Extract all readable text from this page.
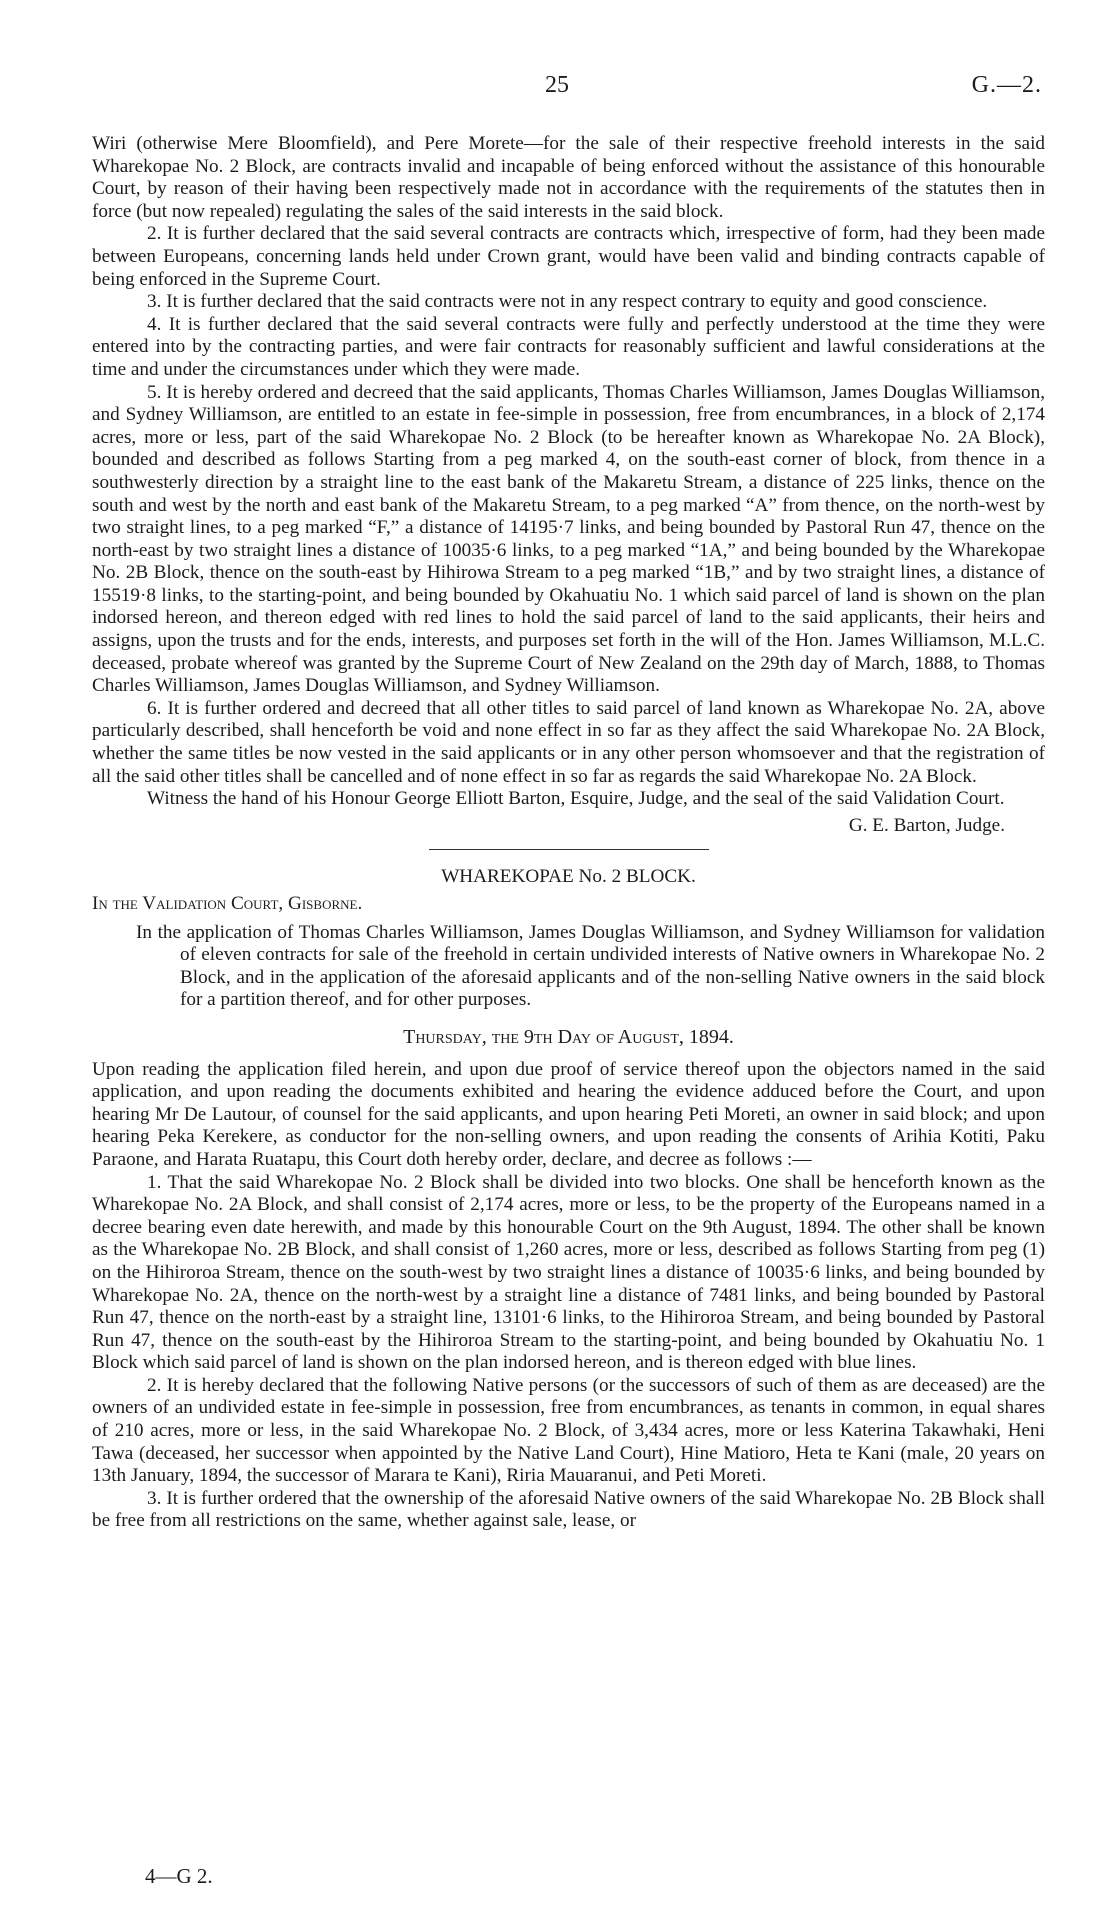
25	G.—2.

Wiri (otherwise Mere Bloomfield), and Pere Morete—for the sale of their respective freehold interests in the said Wharekopae No. 2 Block, are contracts invalid and incapable of being enforced without the assistance of this honourable Court, by reason of their having been respectively made not in accordance with the requirements of the statutes then in force (but now repealed) regulating the sales of the said interests in the said block.

2. It is further declared that the said several contracts are contracts which, irrespective of form, had they been made between Europeans, concerning lands held under Crown grant, would have been valid and binding contracts capable of being enforced in the Supreme Court.

3. It is further declared that the said contracts were not in any respect contrary to equity and good conscience.

4. It is further declared that the said several contracts were fully and perfectly understood at the time they were entered into by the contracting parties, and were fair contracts for reasonably sufficient and lawful considerations at the time and under the circumstances under which they were made.

5. It is hereby ordered and decreed that the said applicants, Thomas Charles Williamson, James Douglas Williamson, and Sydney Williamson, are entitled to an estate in fee-simple in possession, free from encumbrances, in a block of 2,174 acres, more or less, part of the said Wharekopae No. 2 Block (to be hereafter known as Wharekopae No. 2A Block), bounded and described as follows Starting from a peg marked 4, on the south-east corner of block, from thence in a southwesterly direction by a straight line to the east bank of the Makaretu Stream, a distance of 225 links, thence on the south and west by the north and east bank of the Makaretu Stream, to a peg marked “A” from thence, on the north-west by two straight lines, to a peg marked “F,” a distance of 14195·7 links, and being bounded by Pastoral Run 47, thence on the north-east by two straight lines a distance of 10035·6 links, to a peg marked “1A,” and being bounded by the Wharekopae No. 2B Block, thence on the south-east by Hihirowa Stream to a peg marked “1B,” and by two straight lines, a distance of 15519·8 links, to the starting-point, and being bounded by Okahuatiu No. 1 which said parcel of land is shown on the plan indorsed hereon, and thereon edged with red lines to hold the said parcel of land to the said applicants, their heirs and assigns, upon the trusts and for the ends, interests, and purposes set forth in the will of the Hon. James Williamson, M.L.C. deceased, probate whereof was granted by the Supreme Court of New Zealand on the 29th day of March, 1888, to Thomas Charles Williamson, James Douglas Williamson, and Sydney Williamson.

6. It is further ordered and decreed that all other titles to said parcel of land known as Wharekopae No. 2A, above particularly described, shall henceforth be void and none effect in so far as they affect the said Wharekopae No. 2A Block, whether the same titles be now vested in the said applicants or in any other person whomsoever and that the registration of all the said other titles shall be cancelled and of none effect in so far as regards the said Wharekopae No. 2A Block.

Witness the hand of his Honour George Elliott Barton, Esquire, Judge, and the seal of the said Validation Court.

G. E. Barton, Judge.

WHAREKOPAE No. 2 BLOCK.

In the Validation Court, Gisborne.

In the application of Thomas Charles Williamson, James Douglas Williamson, and Sydney Williamson for validation of eleven contracts for sale of the freehold in certain undivided interests of Native owners in Wharekopae No. 2 Block, and in the application of the aforesaid applicants and of the non-selling Native owners in the said block for a partition thereof, and for other purposes.

Thursday, the 9th Day of August, 1894.

Upon reading the application filed herein, and upon due proof of service thereof upon the objectors named in the said application, and upon reading the documents exhibited and hearing the evidence adduced before the Court, and upon hearing Mr De Lautour, of counsel for the said applicants, and upon hearing Peti Moreti, an owner in said block; and upon hearing Peka Kerekere, as conductor for the non-selling owners, and upon reading the consents of Arihia Kotiti, Paku Paraone, and Harata Ruatapu, this Court doth hereby order, declare, and decree as follows :—

1. That the said Wharekopae No. 2 Block shall be divided into two blocks. One shall be henceforth known as the Wharekopae No. 2A Block, and shall consist of 2,174 acres, more or less, to be the property of the Europeans named in a decree bearing even date herewith, and made by this honourable Court on the 9th August, 1894. The other shall be known as the Wharekopae No. 2B Block, and shall consist of 1,260 acres, more or less, described as follows Starting from peg (1) on the Hihiroroa Stream, thence on the south-west by two straight lines a distance of 10035·6 links, and being bounded by Wharekopae No. 2A, thence on the north-west by a straight line a distance of 7481 links, and being bounded by Pastoral Run 47, thence on the north-east by a straight line, 13101·6 links, to the Hihiroroa Stream, and being bounded by Pastoral Run 47, thence on the south-east by the Hihiroroa Stream to the starting-point, and being bounded by Okahuatiu No. 1 Block which said parcel of land is shown on the plan indorsed hereon, and is thereon edged with blue lines.

2. It is hereby declared that the following Native persons (or the successors of such of them as are deceased) are the owners of an undivided estate in fee-simple in possession, free from encumbrances, as tenants in common, in equal shares of 210 acres, more or less, in the said Wharekopae No. 2 Block, of 3,434 acres, more or less Katerina Takawhaki, Heni Tawa (deceased, her successor when appointed by the Native Land Court), Hine Matioro, Heta te Kani (male, 20 years on 13th January, 1894, the successor of Marara te Kani), Riria Mauaranui, and Peti Moreti.

3. It is further ordered that the ownership of the aforesaid Native owners of the said Wharekopae No. 2B Block shall be free from all restrictions on the same, whether against sale, lease, or

4—G 2.
